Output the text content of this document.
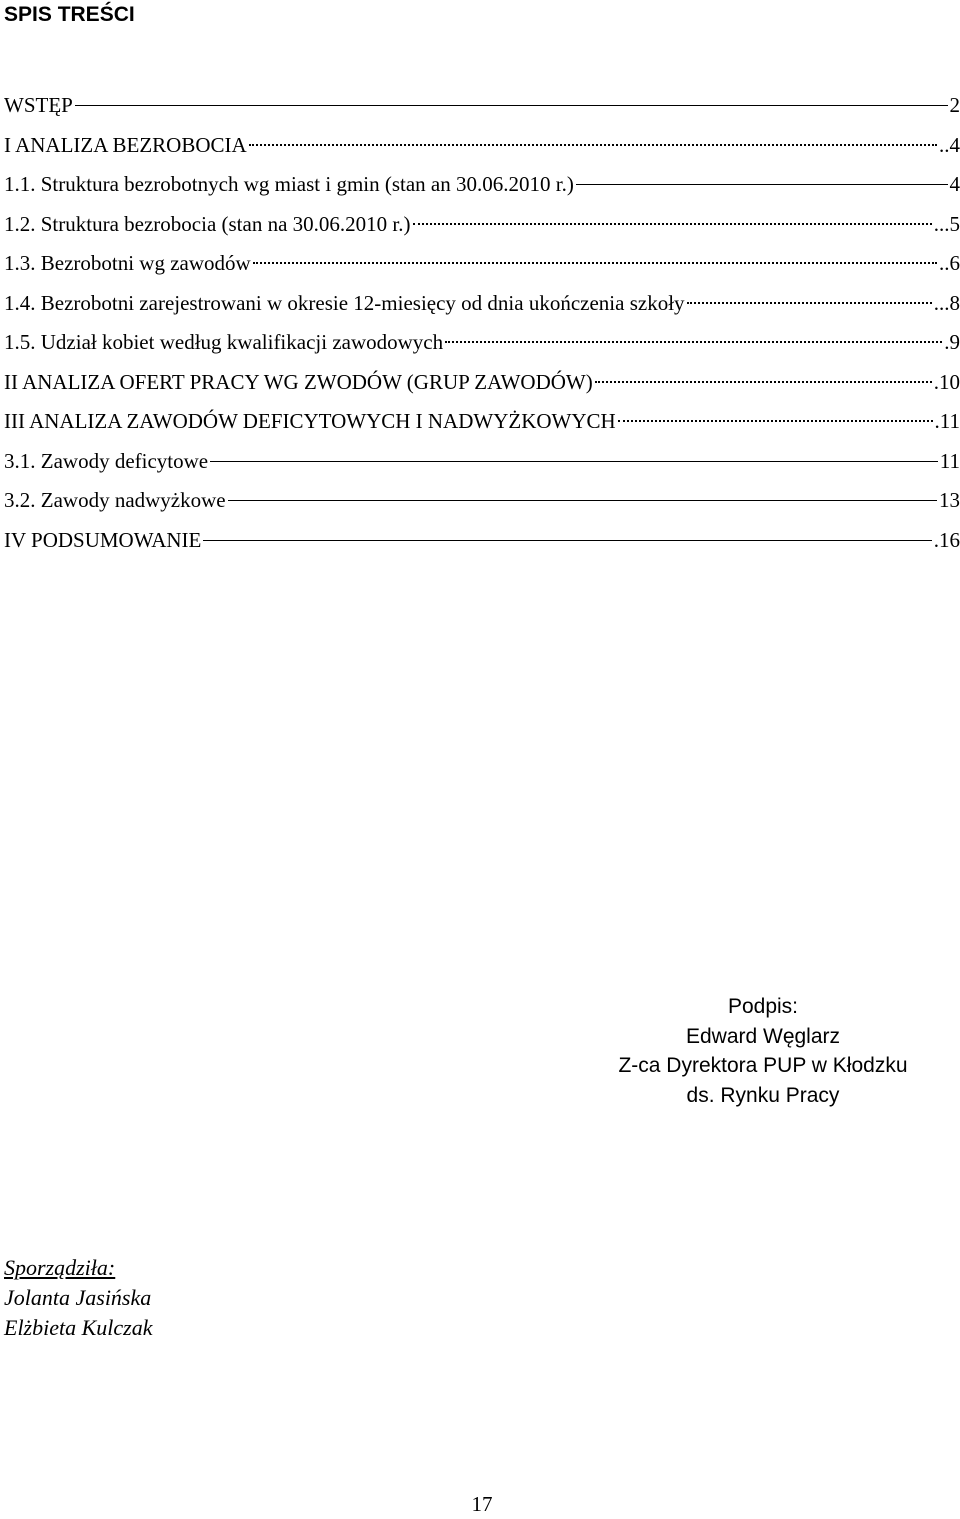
SPIS TREŚCI
WSTĘP	2
I ANALIZA BEZROBOCIA	..4
1.1. Struktura bezrobotnych wg miast i gmin (stan an 30.06.2010 r.)	4
1.2. Struktura bezrobocia (stan na 30.06.2010 r.)	...5
1.3. Bezrobotni wg zawodów	..6
1.4. Bezrobotni zarejestrowani w okresie 12-miesięcy od dnia ukończenia szkoły	...8
1.5. Udział kobiet według kwalifikacji zawodowych	.9
II ANALIZA OFERT PRACY WG ZWODÓW (GRUP ZAWODÓW)	.10
III ANALIZA ZAWODÓW DEFICYTOWYCH I NADWYŻKOWYCH	.11
3.1. Zawody deficytowe	11
3.2. Zawody nadwyżkowe	13
IV PODSUMOWANIE	.16
Podpis:
Edward Węglarz
Z-ca Dyrektora PUP w Kłodzku
ds. Rynku Pracy
Sporządziła:
Jolanta Jasińska
Elżbieta Kulczak
17
